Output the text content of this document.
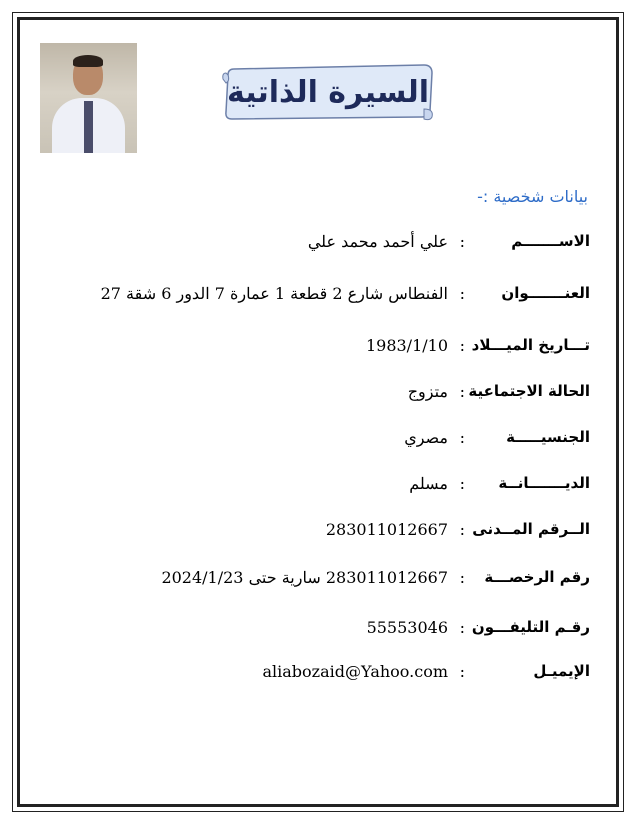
السيرة الذاتية
بيانات شخصية :-
الاســـــــم
:
علي أحمد محمد علي
العنـــــــوان
:
الفنطاس شارع 2 قطعة 1 عمارة 7 الدور 6 شقة 27
تـــاريخ الميـــلاد
:
1983/1/10
الحالة الاجتماعية
:
متزوج
الجنسيـــــة
:
مصري
الديـــــــانــة
:
مسلم
الــرقم المــدنى
:
283011012667
رقم الرخصـــة
:
283011012667 سارية حتى 2024/1/23
رقـم التليفـــون
:
55553046
الإيميـل
:
aliabozaid@Yahoo.com
